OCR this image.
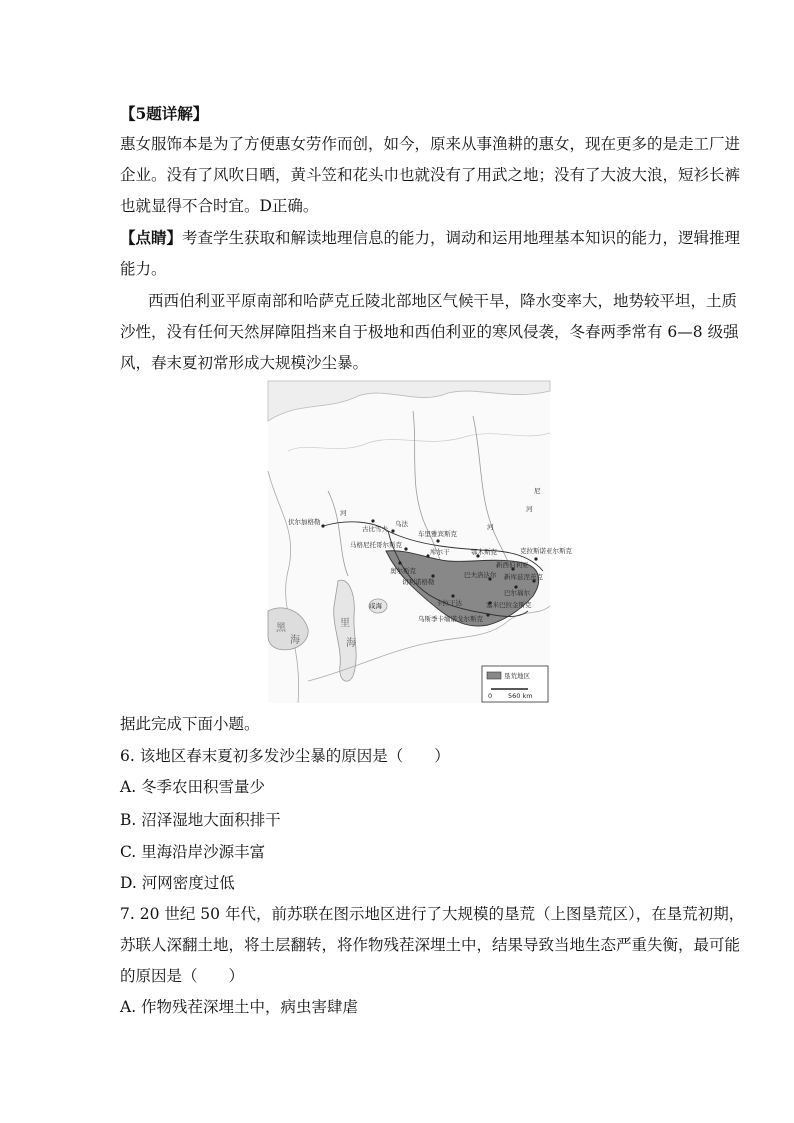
【5题详解】
惠女服饰本是为了方便惠女劳作而创，如今，原来从事渔耕的惠女，现在更多的是走工厂进
企业。没有了风吹日晒，黄斗笠和花头巾也就没有了用武之地；没有了大波大浪，短衫长裤
也就显得不合时宜。D正确。
【点睛】考查学生获取和解读地理信息的能力，调动和运用地理基本知识的能力，逻辑推理
能力。
西西伯利亚平原南部和哈萨克丘陵北部地区气候干旱，降水变率大，地势较平坦，土质
沙性，没有任何天然屏障阻挡来自于极地和西伯利亚的寒风侵袭，冬春两季常有 6—8 级强
风，春末夏初常形成大规模沙尘暴。
伏尔加格勒
古比雪夫
乌法
车里雅宾斯克
马格尼托哥尔斯克
库尔干
奥尔斯克
鄂木斯克
新西伯利亚
克拉斯诺亚尔斯克
新库兹涅茨克
巴尔瑙尔
巴夫洛达尔
切利诺格勒
卡拉干达	塞米巴拉金斯克
乌斯季卡缅诺戈尔斯克
黑
海
里
海
咸海
河
河
河
尼
垦荒地区
0 560 km
据此完成下面小题。
6. 该地区春末夏初多发沙尘暴的原因是（　　）
A. 冬季农田积雪量少
B. 沼泽湿地大面积排干
C. 里海沿岸沙源丰富
D. 河网密度过低
7. 20 世纪 50 年代，前苏联在图示地区进行了大规模的垦荒（上图垦荒区），在垦荒初期，
苏联人深翻土地，将土层翻转，将作物残茬深埋土中，结果导致当地生态严重失衡，最可能
的原因是（　　）
A. 作物残茬深埋土中，病虫害肆虐
